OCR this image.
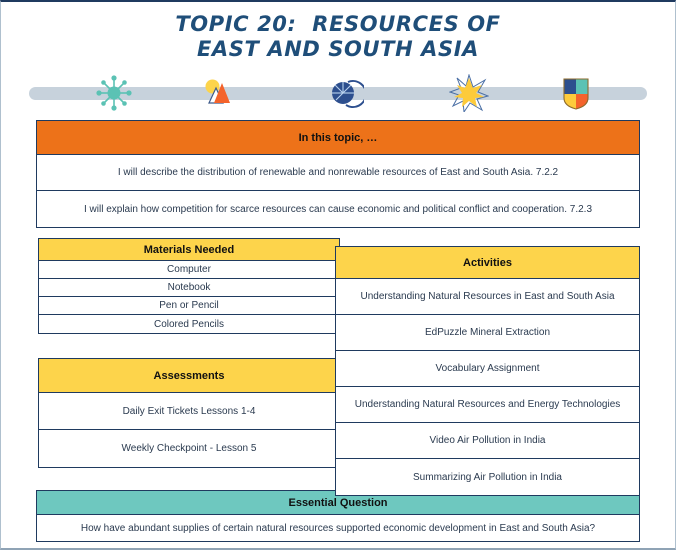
TOPIC 20:  RESOURCES OF
EAST AND SOUTH ASIA
In this topic, …
I will describe the distribution of renewable and nonrewable resources of East and South Asia. 7.2.2
I will explain how competition for scarce resources can cause economic and political conflict and cooperation. 7.2.3
Materials Needed
Computer
Notebook
Pen or Pencil
Colored Pencils
Assessments
Daily Exit Tickets Lessons 1-4
Weekly Checkpoint - Lesson 5
Activities
Understanding Natural Resources in East and South Asia
EdPuzzle Mineral Extraction
Vocabulary Assignment
Understanding Natural Resources and Energy Technologies
Video Air Pollution in India
Summarizing Air Pollution in India
Essential Question
How have abundant supplies of certain natural resources supported economic development in East and South Asia?
